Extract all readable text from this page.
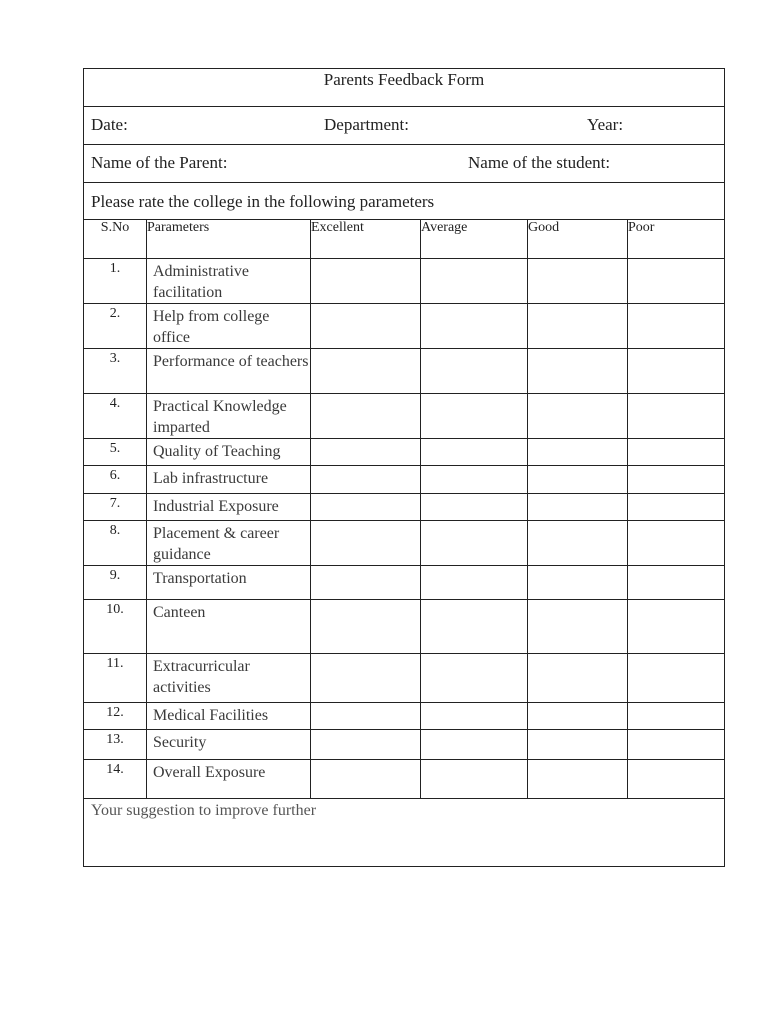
Parents Feedback Form					

Date: Department: Year:					

Name of the Parent: Name of the student:					

Please rate the college in the following parameters					

S.No	Parameters	Excellent	Average	Good	Poor
1.	Administrative facilitation				

2.	Help from college office				

3.	Performance of teachers				

4.	Practical Knowledge imparted				

5.	Quality of Teaching				

6.	Lab infrastructure				

7.	Industrial Exposure				

8.	Placement & career guidance				

9.	Transportation				

10.	Canteen				

11.	Extracurricular activities				

12.	Medical Facilities				

13.	Security				

14.	Overall Exposure				

Your suggestion to improve further					
